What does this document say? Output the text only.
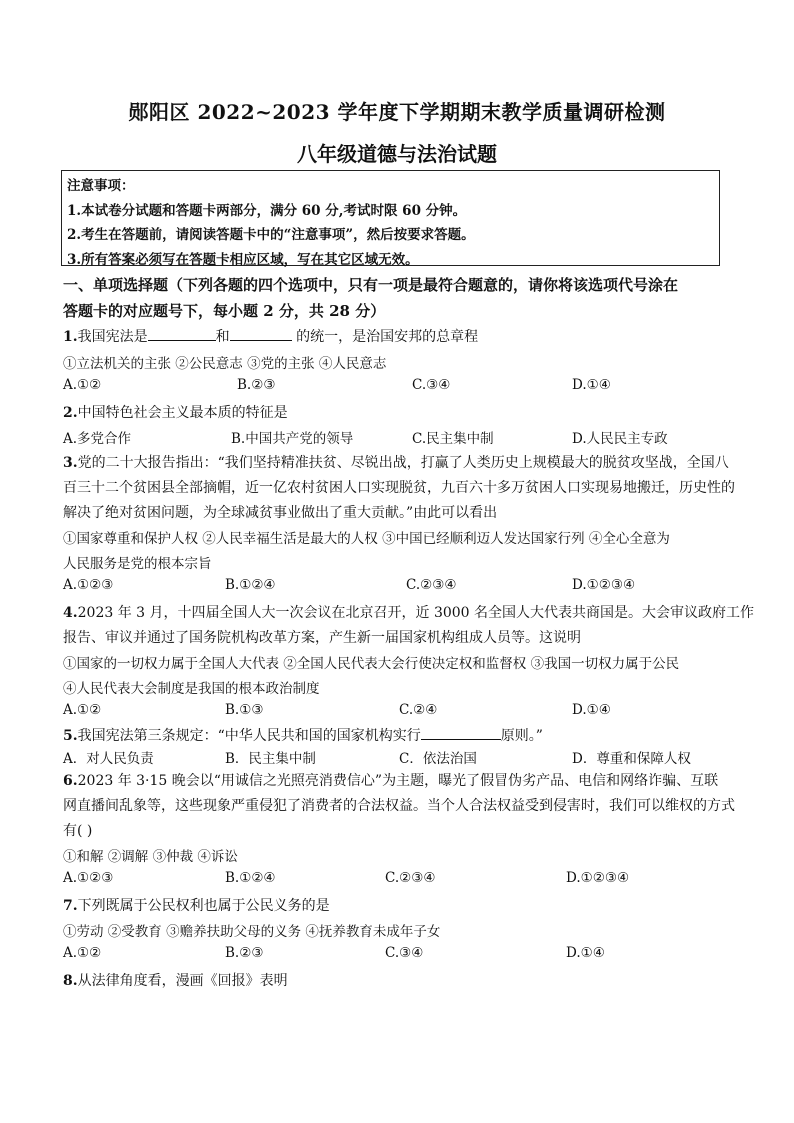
郧阳区 2022~2023 学年度下学期期末教学质量调研检测
八年级道德与法治试题
注意事项：
1.本试卷分试题和答题卡两部分，满分 60 分,考试时限 60 分钟。
2.考生在答题前，请阅读答题卡中的“注意事项”，然后按要求答题。
3.所有答案必须写在答题卡相应区域，写在其它区域无效。
一、单项选择题（下列各题的四个选项中，只有一项是最符合题意的，请你将该选项代号涂在
答题卡的对应题号下，每小题 2 分，共 28 分）
1.我国宪法是	和	的统一，是治国安邦的总章程
①立法机关的主张 ②公民意志 ③党的主张 ④人民意志
A.①②	B.②③	C.③④	D.①④
2.中国特色社会主义最本质的特征是
A.多党合作	B.中国共产党的领导	C.民主集中制	D.人民民主专政
3.党的二十大报告指出：“我们坚持精准扶贫、尽锐出战，打赢了人类历史上规模最大的脱贫攻坚战，全国八
百三十二个贫困县全部摘帽，近一亿农村贫困人口实现脱贫，九百六十多万贫困人口实现易地搬迁，历史性的
解决了绝对贫困问题，为全球减贫事业做出了重大贡献。”由此可以看出
①国家尊重和保护人权 ②人民幸福生活是最大的人权 ③中国已经顺利迈人发达国家行列 ④全心全意为
人民服务是党的根本宗旨
A.①②③	B.①②④	C.②③④	D.①②③④
4.2023 年 3 月，十四届全国人大一次会议在北京召开，近 3000 名全国人大代表共商国是。大会审议政府工作
报告、审议并通过了国务院机构改革方案，产生新一届国家机构组成人员等。这说明
①国家的一切权力属于全国人大代表 ②全国人民代表大会行使决定权和监督权 ③我国一切权力属于公民
④人民代表大会制度是我国的根本政治制度
A.①②	B.①③	C.②④	D.①④
5.我国宪法第三条规定：“中华人民共和国的国家机构实行	原则。”
A．对人民负责	B．民主集中制	C．依法治国	D．尊重和保障人权
6.2023 年 3·15 晚会以“用诚信之光照亮消费信心”为主题，曝光了假冒伪劣产品、电信和网络诈骗、互联
网直播间乱象等，这些现象严重侵犯了消费者的合法权益。当个人合法权益受到侵害时，我们可以维权的方式
有( )
①和解 ②调解 ③仲裁 ④诉讼
A.①②③	B.①②④	C.②③④	D.①②③④
7.下列既属于公民权利也属于公民义务的是
①劳动 ②受教育 ③赡养扶助父母的义务 ④抚养教育未成年子女
A.①②	B.②③	C.③④	D.①④
8.从法律角度看，漫画《回报》表明
